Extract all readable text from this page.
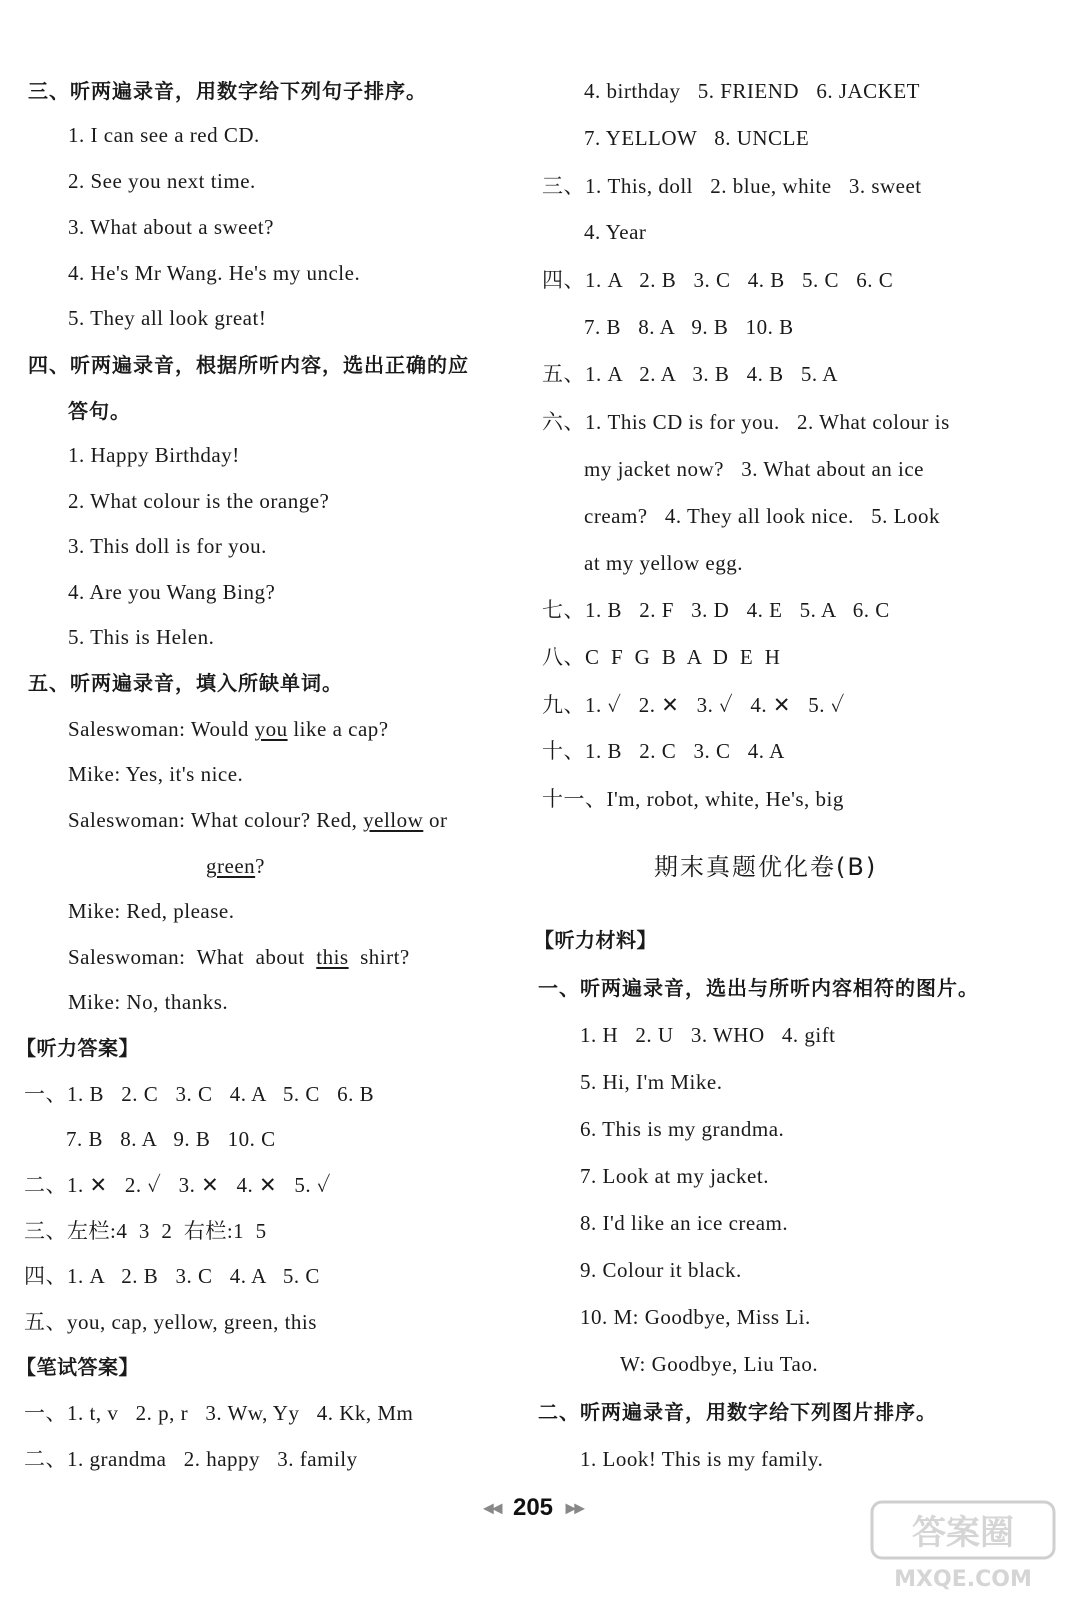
三、听两遍录音，用数字给下列句子排序。
1. I can see a red CD.
2. See you next time.
3. What about a sweet?
4. He's Mr Wang. He's my uncle.
5. They all look great!
四、听两遍录音，根据所听内容，选出正确的应
答句。
1. Happy Birthday!
2. What colour is the orange?
3. This doll is for you.
4. Are you Wang Bing?
5. This is Helen.
五、听两遍录音，填入所缺单词。
Saleswoman: Would you like a cap?
Mike: Yes, it's nice.
Saleswoman: What colour? Red, yellow or
green?
Mike: Red, please.
Saleswoman:  What  about  this  shirt?
Mike: No, thanks.
【听力答案】
一、1. B   2. C   3. C   4. A   5. C   6. B
7. B   8. A   9. B   10. C
二、1. ✕   2. ✓   3. ✕   4. ✕   5. ✓
三、左栏:4  3  2  右栏:1  5
四、1. A   2. B   3. C   4. A   5. C
五、you, cap, yellow, green, this
【笔试答案】
一、1. t, v   2. p, r   3. Ww, Yy   4. Kk, Mm
二、1. grandma   2. happy   3. family
4. birthday   5. FRIEND   6. JACKET
7. YELLOW   8. UNCLE
三、1. This, doll   2. blue, white   3. sweet
4. Year
四、1. A   2. B   3. C   4. B   5. C   6. C
7. B   8. A   9. B   10. B
五、1. A   2. A   3. B   4. B   5. A
六、1. This CD is for you.   2. What colour is
my jacket now?   3. What about an ice
cream?   4. They all look nice.   5. Look
at my yellow egg.
七、1. B   2. F   3. D   4. E   5. A   6. C
八、C  F  G  B  A  D  E  H
九、1. ✓   2. ✕   3. ✓   4. ✕   5. ✓
十、1. B   2. C   3. C   4. A
十一、I'm, robot, white, He's, big
期末真题优化卷(B)
【听力材料】
一、听两遍录音，选出与所听内容相符的图片。
1. H   2. U   3. WHO   4. gift
5. Hi, I'm Mike.
6. This is my grandma.
7. Look at my jacket.
8. I'd like an ice cream.
9. Colour it black.
10. M: Goodbye, Miss Li.
W: Goodbye, Liu Tao.
二、听两遍录音，用数字给下列图片排序。
1. Look! This is my family.
◀◀ 205 ▶▶
答案圈
MXQE.COM
